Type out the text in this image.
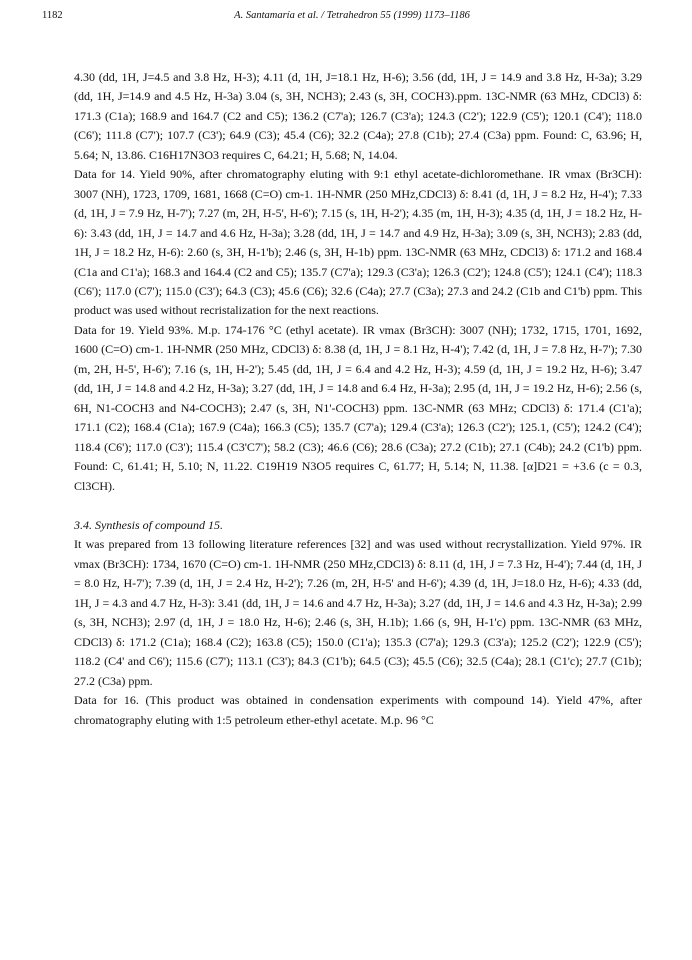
1182	A. Santamaría et al. / Tetrahedron 55 (1999) 1173–1186

4.30 (dd, 1H, J=4.5 and 3.8 Hz, H-3); 4.11 (d, 1H, J=18.1 Hz, H-6); 3.56 (dd, 1H, J = 14.9 and 3.8 Hz, H-3a); 3.29 (dd, 1H, J=14.9 and 4.5 Hz, H-3a) 3.04 (s, 3H, NCH3); 2.43 (s, 3H, COCH3).ppm. 13C-NMR (63 MHz, CDCl3) δ: 171.3 (C1a); 168.9 and 164.7 (C2 and C5); 136.2 (C7'a); 126.7 (C3'a); 124.3 (C2'); 122.9 (C5'); 120.1 (C4'); 118.0 (C6'); 111.8 (C7'); 107.7 (C3'); 64.9 (C3); 45.4 (C6); 32.2 (C4a); 27.8 (C1b); 27.4 (C3a) ppm. Found: C, 63.96; H, 5.64; N, 13.86. C16H17N3O3 requires C, 64.21; H, 5.68; N, 14.04.

Data for 14. Yield 90%, after chromatography eluting with 9:1 ethyl acetate-dichloromethane. IR νmax (Br3CH): 3007 (NH), 1723, 1709, 1681, 1668 (C=O) cm-1. 1H-NMR (250 MHz,CDCl3) δ: 8.41 (d, 1H, J = 8.2 Hz, H-4'); 7.33 (d, 1H, J = 7.9 Hz, H-7'); 7.27 (m, 2H, H-5', H-6'); 7.15 (s, 1H, H-2'); 4.35 (m, 1H, H-3); 4.35 (d, 1H, J = 18.2 Hz, H-6): 3.43 (dd, 1H, J = 14.7 and 4.6 Hz, H-3a); 3.28 (dd, 1H, J = 14.7 and 4.9 Hz, H-3a); 3.09 (s, 3H, NCH3); 2.83 (dd, 1H, J = 18.2 Hz, H-6): 2.60 (s, 3H, H-1'b); 2.46 (s, 3H, H-1b) ppm. 13C-NMR (63 MHz, CDCl3) δ: 171.2 and 168.4 (C1a and C1'a); 168.3 and 164.4 (C2 and C5); 135.7 (C7'a); 129.3 (C3'a); 126.3 (C2'); 124.8 (C5'); 124.1 (C4'); 118.3 (C6'); 117.0 (C7'); 115.0 (C3'); 64.3 (C3); 45.6 (C6); 32.6 (C4a); 27.7 (C3a); 27.3 and 24.2 (C1b and C1'b) ppm. This product was used without recristalization for the next reactions.

Data for 19. Yield 93%. M.p. 174-176 °C (ethyl acetate). IR νmax (Br3CH): 3007 (NH); 1732, 1715, 1701, 1692, 1600 (C=O) cm-1. 1H-NMR (250 MHz, CDCl3) δ: 8.38 (d, 1H, J = 8.1 Hz, H-4'); 7.42 (d, 1H, J = 7.8 Hz, H-7'); 7.30 (m, 2H, H-5', H-6'); 7.16 (s, 1H, H-2'); 5.45 (dd, 1H, J = 6.4 and 4.2 Hz, H-3); 4.59 (d, 1H, J = 19.2 Hz, H-6); 3.47 (dd, 1H, J = 14.8 and 4.2 Hz, H-3a); 3.27 (dd, 1H, J = 14.8 and 6.4 Hz, H-3a); 2.95 (d, 1H, J = 19.2 Hz, H-6); 2.56 (s, 6H, N1-COCH3 and N4-COCH3); 2.47 (s, 3H, N1'-COCH3) ppm. 13C-NMR (63 MHz; CDCl3) δ: 171.4 (C1'a); 171.1 (C2); 168.4 (C1a); 167.9 (C4a); 166.3 (C5); 135.7 (C7'a); 129.4 (C3'a); 126.3 (C2'); 125.1, (C5'); 124.2 (C4'); 118.4 (C6'); 117.0 (C3'); 115.4 (C3'C7'); 58.2 (C3); 46.6 (C6); 28.6 (C3a); 27.2 (C1b); 27.1 (C4b); 24.2 (C1'b) ppm. Found: C, 61.41; H, 5.10; N, 11.22. C19H19 N3O5 requires C, 61.77; H, 5.14; N, 11.38. [α]D21 = +3.6 (c = 0.3, Cl3CH).

3.4. Synthesis of compound 15.

It was prepared from 13 following literature references [32] and was used without recrystallization. Yield 97%. IR νmax (Br3CH): 1734, 1670 (C=O) cm-1. 1H-NMR (250 MHz,CDCl3) δ: 8.11 (d, 1H, J = 7.3 Hz, H-4'); 7.44 (d, 1H, J = 8.0 Hz, H-7'); 7.39 (d, 1H, J = 2.4 Hz, H-2'); 7.26 (m, 2H, H-5' and H-6'); 4.39 (d, 1H, J=18.0 Hz, H-6); 4.33 (dd, 1H, J = 4.3 and 4.7 Hz, H-3): 3.41 (dd, 1H, J = 14.6 and 4.7 Hz, H-3a); 3.27 (dd, 1H, J = 14.6 and 4.3 Hz, H-3a); 2.99 (s, 3H, NCH3); 2.97 (d, 1H, J = 18.0 Hz, H-6); 2.46 (s, 3H, H.1b); 1.66 (s, 9H, H-1'c) ppm. 13C-NMR (63 MHz, CDCl3) δ: 171.2 (C1a); 168.4 (C2); 163.8 (C5); 150.0 (C1'a); 135.3 (C7'a); 129.3 (C3'a); 125.2 (C2'); 122.9 (C5'); 118.2 (C4' and C6'); 115.6 (C7'); 113.1 (C3'); 84.3 (C1'b); 64.5 (C3); 45.5 (C6); 32.5 (C4a); 28.1 (C1'c); 27.7 (C1b); 27.2 (C3a) ppm.

Data for 16. (This product was obtained in condensation experiments with compound 14). Yield 47%, after chromatography eluting with 1:5 petroleum ether-ethyl acetate. M.p. 96 °C
